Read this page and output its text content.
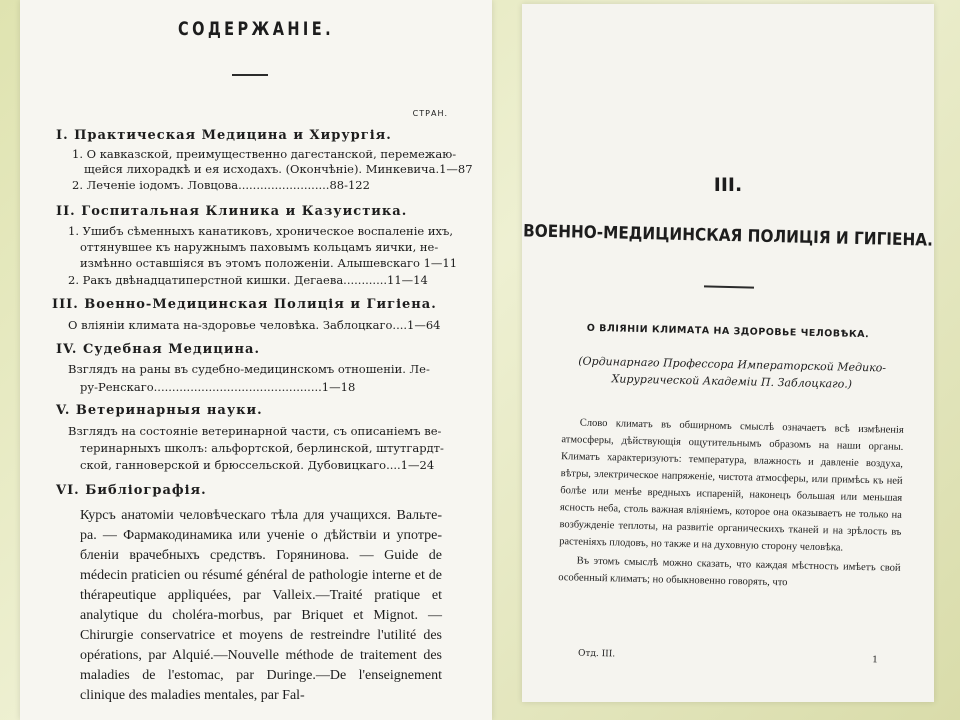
СОДЕРЖАНІЕ.
СТРАН.
I. Практическая Медицина и Хирургія.
1. О кавказской, преимущественно дагестанской, перемежаю-
щейся лихорадкѣ и ея исходахъ. (Окончѣніе). Минкевича.1—87
2. Леченіе іодомъ. Ловцова.........................88-122
II. Госпитальная Клиника и Казуистика.
1. Ушибъ сѣменныхъ канатиковъ, хроническое воспаленіе ихъ,
оттянувшее къ наружнымъ паховымъ кольцамъ яички, не-
измѣнно оставшіяся въ этомъ положеніи. Алышевскаго 1—11
2. Ракъ двѣнадцатиперстной кишки. Дегаева............11—14
III. Военно-Медицинская Полиція и Гигіена.
О вліяніи климата на-здоровье человѣка. Заблоцкаго....1—64
IV. Судебная Медицина.
Взглядъ на раны въ судебно-медицинскомъ отношеніи. Ле-
ру-Ренскаго..............................................1—18
V. Ветеринарныя науки.
Взглядъ на состояніе ветеринарной части, съ описаніемъ ве-
теринарныхъ школъ: альфортской, берлинской, штутгардт-
ской, ганноверской и брюссельской. Дубовицкаго....1—24
VI. Библіографія.
Курсъ анатоміи человѣческаго тѣла для учащихся. Вальте-ра. — Фармакодинамика или ученіе о дѣйствіи и употре-бленіи врачебныхъ средствъ. Горянинова. — Guide de médecin praticien ou résumé général de pathologie interne et de thérapeutique appliquées, par Valleix.—Traité pratique et analytique du choléra-morbus, par Briquet et Mignot. — Chirurgie conservatrice et moyens de restreindre l'utilité des opérations, par Alquié.—Nouvelle méthode de traitement des maladies de l'estomac, par Duringe.—De l'enseignement clinique des maladies mentales, par Fal-
III.
ВОЕННО-МЕДИЦИНСКАЯ ПОЛИЦІЯ И ГИГІЕНА.
О ВЛІЯНІИ КЛИМАТА НА ЗДОРОВЬЕ ЧЕЛОВѢКА.
(Ординарнаго Профессора Императорской Медико-Хирургической Академіи П. Заблоцкаго.)

Слово климатъ въ обширномъ смыслѣ означаетъ всѣ измѣненія атмосферы, дѣйствующія ощутительнымъ образомъ на наши органы. Климатъ характеризуютъ: температура, влажность и давленіе воздуха, вѣтры, электрическое напряженіе, чистота атмосферы, или примѣсь къ ней болѣе или менѣе вредныхъ испареній, наконецъ большая или меньшая ясность неба, столь важная вліяніемъ, которое она оказываетъ не только на возбужденіе теплоты, на развитіе органическихъ тканей и на зрѣлость въ растеніяхъ плодовъ, но также и на духовную сторону человѣка.

Въ этомъ смыслѣ можно сказать, что каждая мѣстность имѣетъ свой особенный климатъ; но обыкновенно говорять, что

Отд. III.
1
